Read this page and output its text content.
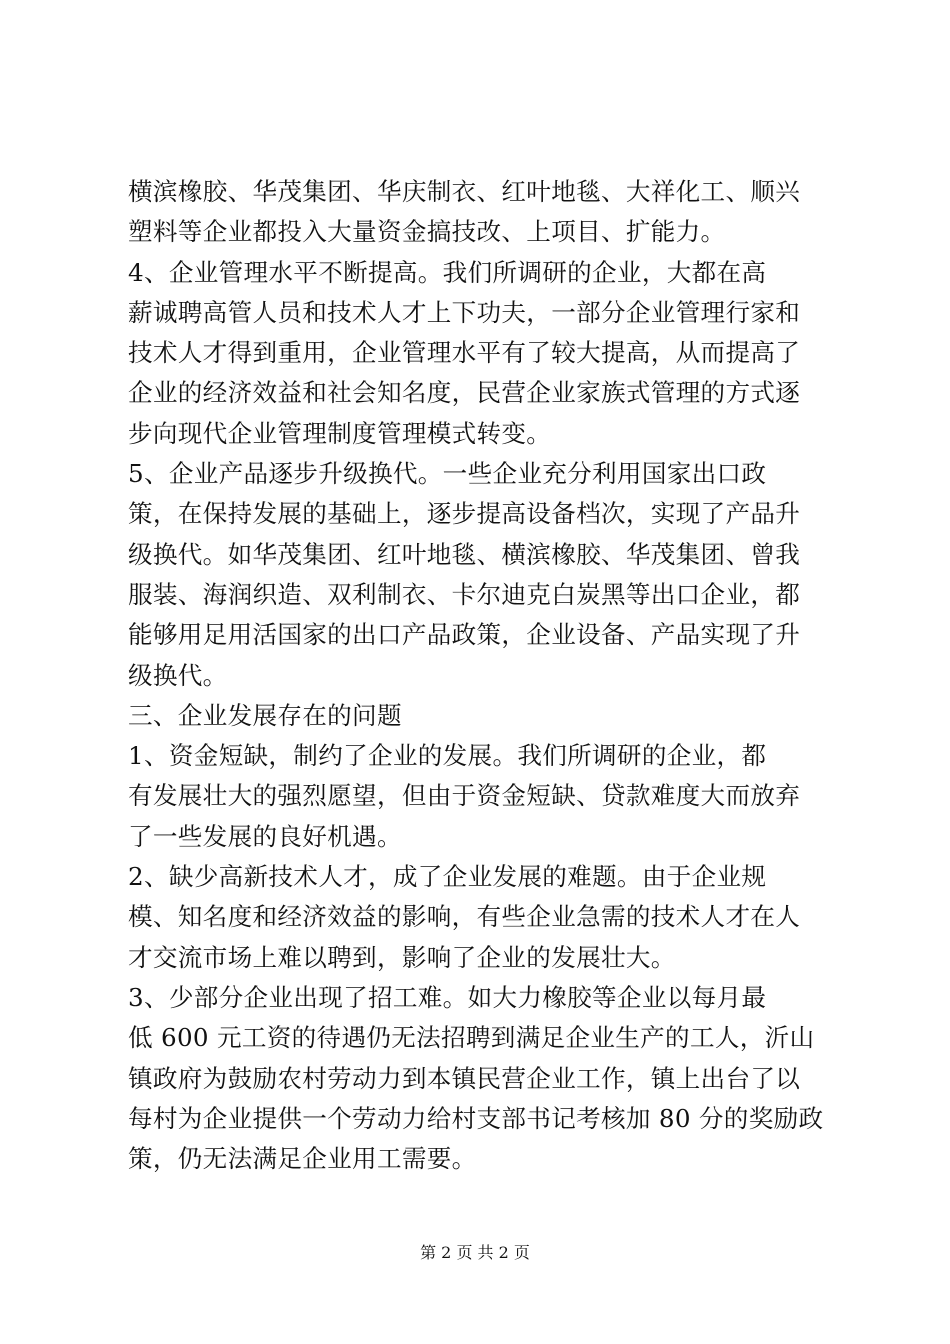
横滨橡胶、华茂集团、华庆制衣、红叶地毯、大祥化工、顺兴
塑料等企业都投入大量资金搞技改、上项目、扩能力。
4、企业管理水平不断提高。我们所调研的企业，大都在高
薪诚聘高管人员和技术人才上下功夫，一部分企业管理行家和
技术人才得到重用，企业管理水平有了较大提高，从而提高了
企业的经济效益和社会知名度，民营企业家族式管理的方式逐
步向现代企业管理制度管理模式转变。
5、企业产品逐步升级换代。一些企业充分利用国家出口政
策，在保持发展的基础上，逐步提高设备档次，实现了产品升
级换代。如华茂集团、红叶地毯、横滨橡胶、华茂集团、曾我
服装、海润织造、双利制衣、卡尔迪克白炭黑等出口企业，都
能够用足用活国家的出口产品政策，企业设备、产品实现了升
级换代。
三、企业发展存在的问题
1、资金短缺，制约了企业的发展。我们所调研的企业，都
有发展壮大的强烈愿望，但由于资金短缺、贷款难度大而放弃
了一些发展的良好机遇。
2、缺少高新技术人才，成了企业发展的难题。由于企业规
模、知名度和经济效益的影响，有些企业急需的技术人才在人
才交流市场上难以聘到，影响了企业的发展壮大。
3、少部分企业出现了招工难。如大力橡胶等企业以每月最
低 600 元工资的待遇仍无法招聘到满足企业生产的工人，沂山
镇政府为鼓励农村劳动力到本镇民营企业工作，镇上出台了以
每村为企业提供一个劳动力给村支部书记考核加 80 分的奖励政
策，仍无法满足企业用工需要。
第 2 页 共 2 页
